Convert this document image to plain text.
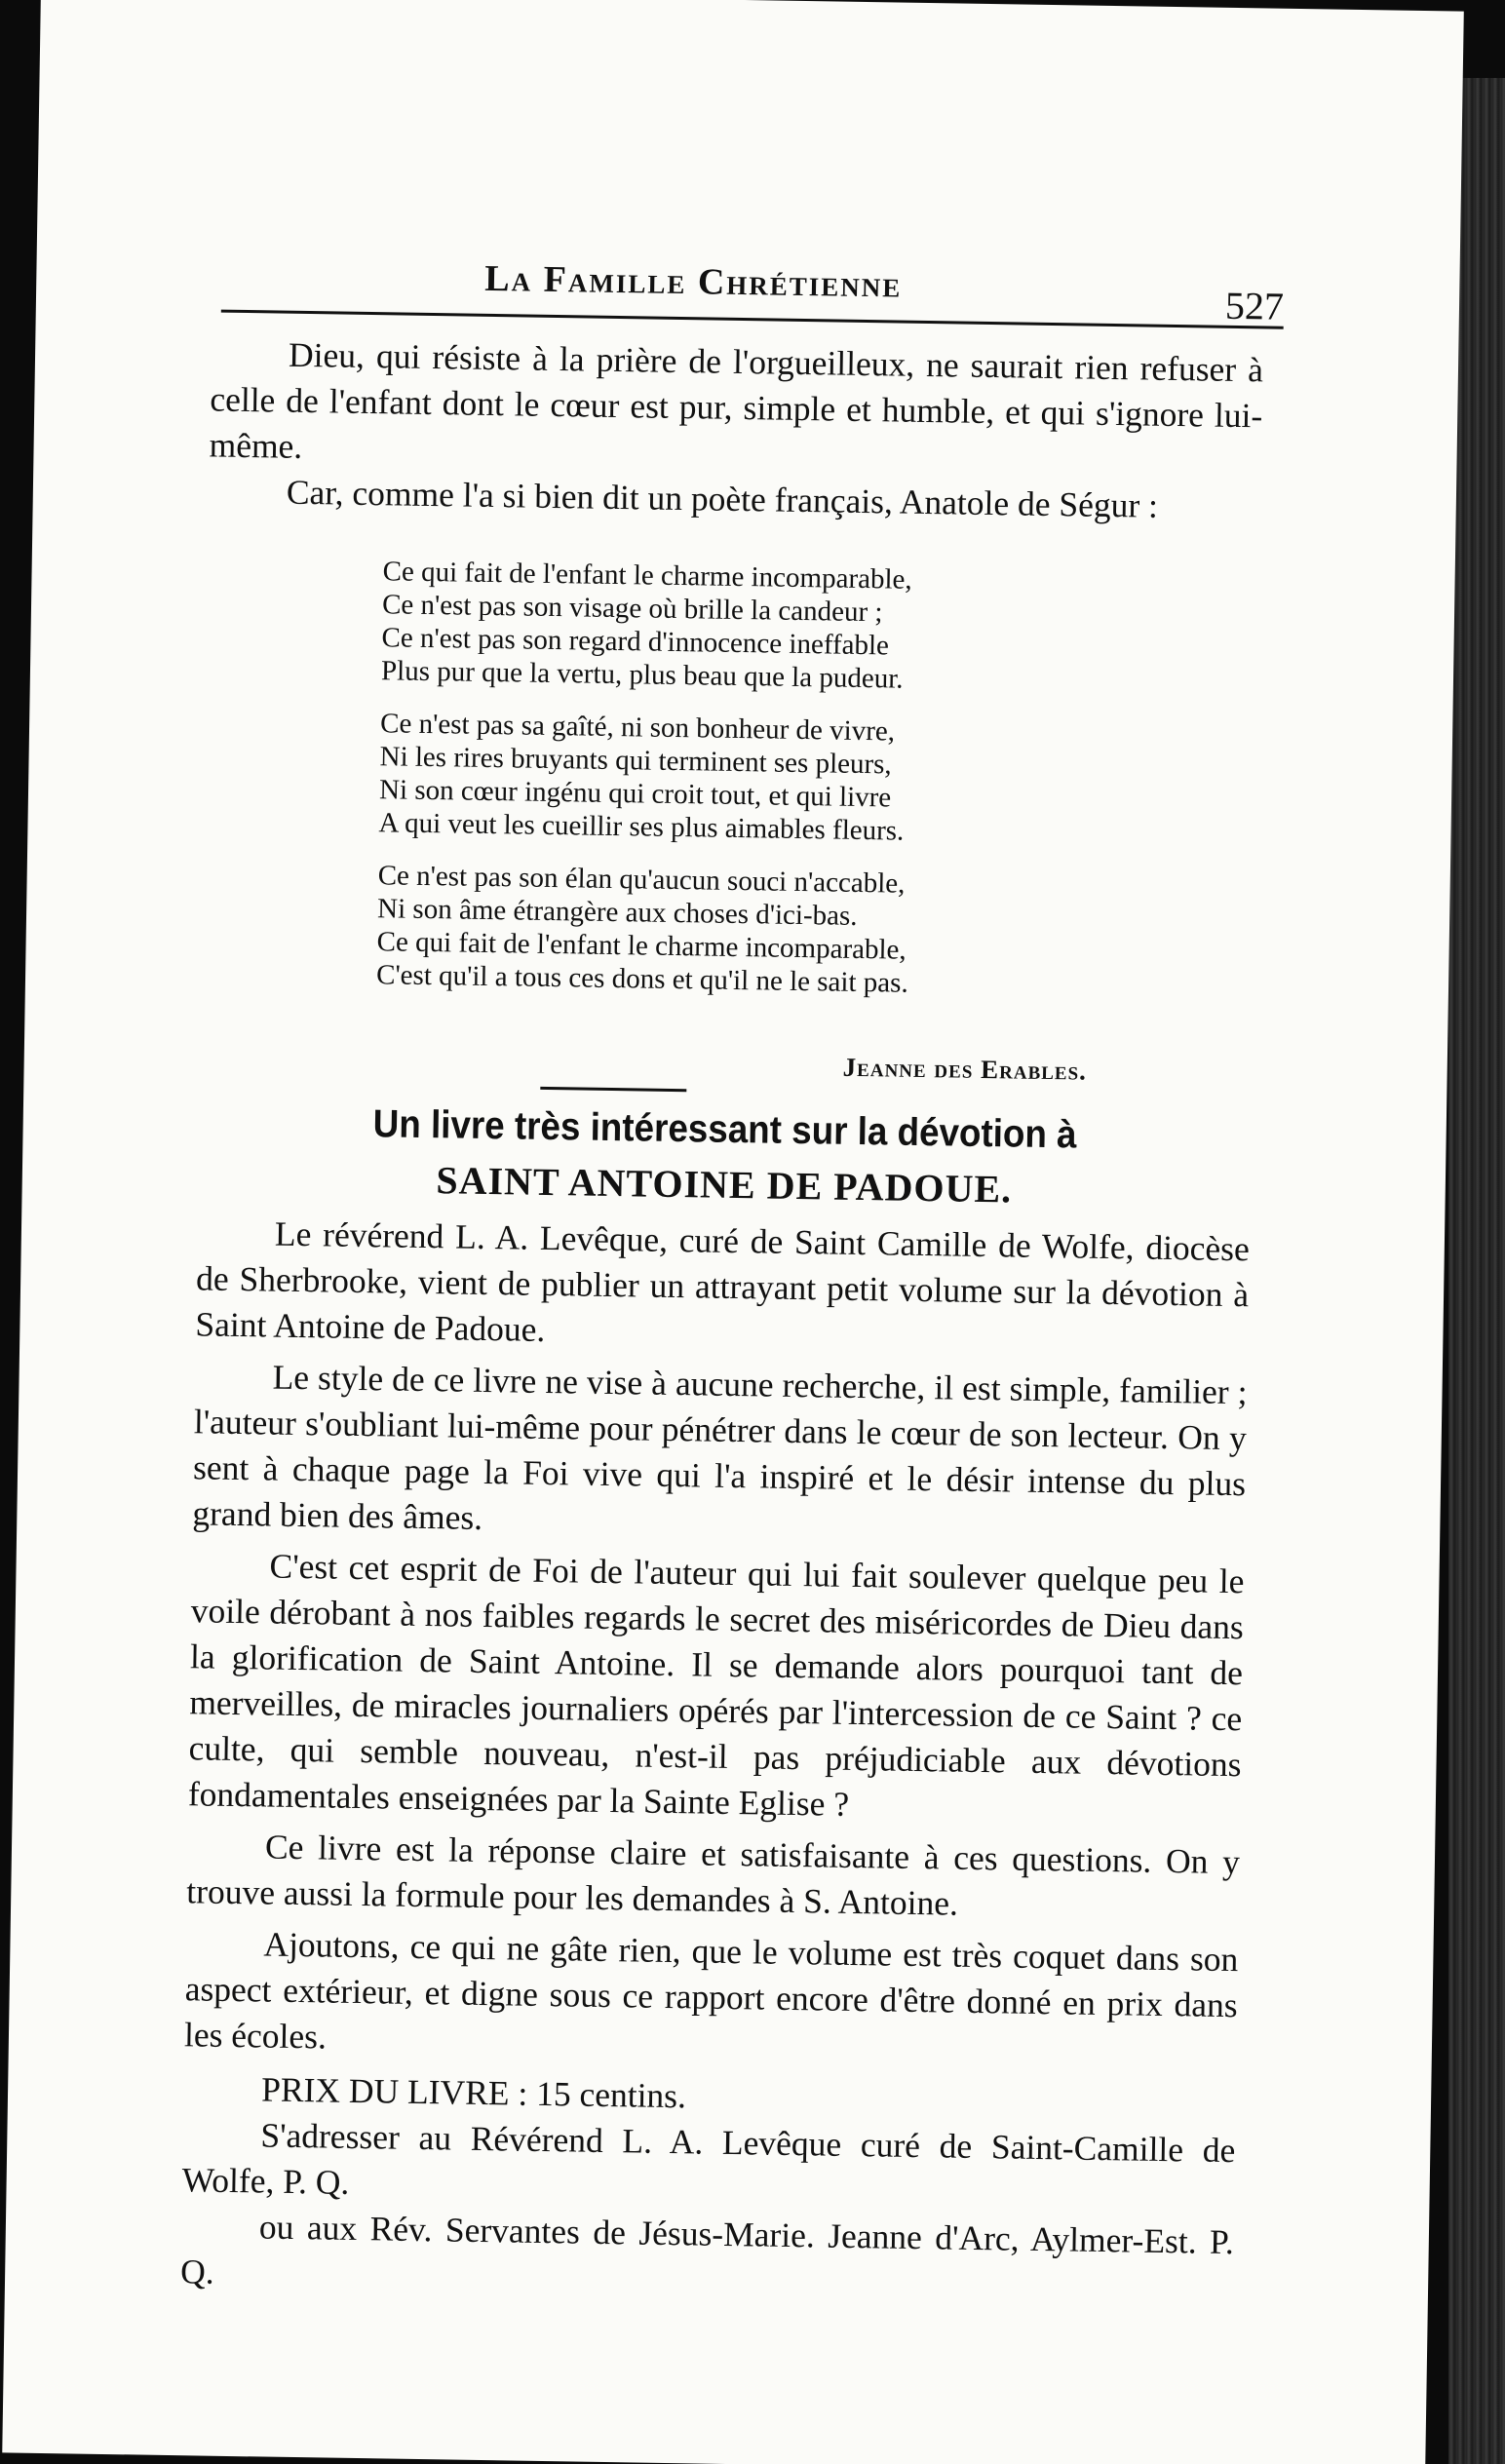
La Famille Chrétienne
527

Dieu, qui résiste à la prière de l'orgueilleux, ne saurait rien refuser à celle de l'enfant dont le cœur est pur, simple et humble, et qui s'ignore lui-même.

Car, comme l'a si bien dit un poète français, Anatole de Ségur :

Ce qui fait de l'enfant le charme incomparable,
Ce n'est pas son visage où brille la candeur ;
Ce n'est pas son regard d'innocence ineffable
Plus pur que la vertu, plus beau que la pudeur.
Ce n'est pas sa gaîté, ni son bonheur de vivre,
Ni les rires bruyants qui terminent ses pleurs,
Ni son cœur ingénu qui croit tout, et qui livre
A qui veut les cueillir ses plus aimables fleurs.
Ce n'est pas son élan qu'aucun souci n'accable,
Ni son âme étrangère aux choses d'ici-bas.
Ce qui fait de l'enfant le charme incomparable,
C'est qu'il a tous ces dons et qu'il ne le sait pas.
Jeanne des Erables.
Un livre très intéressant sur la dévotion à
SAINT ANTOINE DE PADOUE.

Le révérend L. A. Levêque, curé de Saint Camille de Wolfe, diocèse de Sherbrooke, vient de publier un attrayant petit volume sur la dévotion à Saint Antoine de Padoue.

Le style de ce livre ne vise à aucune recherche, il est simple, familier ; l'auteur s'oubliant lui-même pour pénétrer dans le cœur de son lecteur. On y sent à chaque page la Foi vive qui l'a inspiré et le désir intense du plus grand bien des âmes.

C'est cet esprit de Foi de l'auteur qui lui fait soulever quelque peu le voile dérobant à nos faibles regards le secret des miséricordes de Dieu dans la glorification de Saint Antoine. Il se demande alors pourquoi tant de merveilles, de miracles journaliers opérés par l'intercession de ce Saint ? ce culte, qui semble nouveau, n'est-il pas préjudiciable aux dévotions fondamentales enseignées par la Sainte Eglise ?

Ce livre est la réponse claire et satisfaisante à ces questions. On y trouve aussi la formule pour les demandes à S. Antoine.

Ajoutons, ce qui ne gâte rien, que le volume est très coquet dans son aspect extérieur, et digne sous ce rapport encore d'être donné en prix dans les écoles.

PRIX DU LIVRE : 15 centins.

S'adresser au Révérend L. A. Levêque curé de Saint-Camille de Wolfe, P. Q.

ou aux Rév. Servantes de Jésus-Marie. Jeanne d'Arc, Aylmer-Est. P. Q.
